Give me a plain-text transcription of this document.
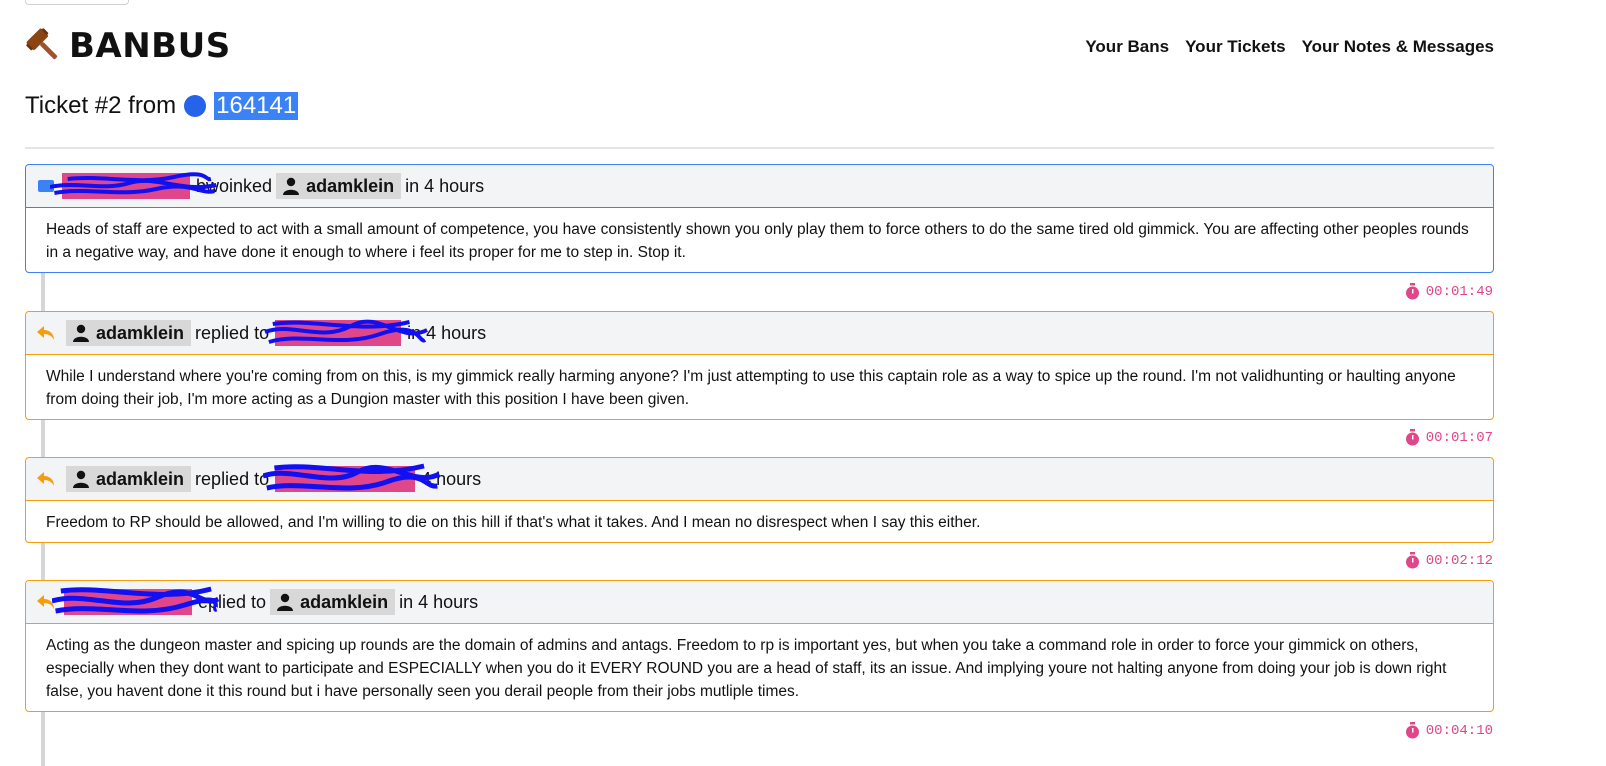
BANBUS	Your Bans Your Tickets Your Notes & Messages
Ticket #2 from 164141
bwoinked adamklein in 4 hours
Heads of staff are expected to act with a small amount of competence, you have consistently shown you only play them to force others to do the same tired old gimmick. You are affecting other peoples rounds in a negative way, and have done it enough to where i feel its proper for me to step in. Stop it.
00:01:49
adamklein replied to	in 4 hours
While I understand where you're coming from on this, is my gimmick really harming anyone? I'm just attempting to use this captain role as a way to spice up the round. I'm not validhunting or haulting anyone from doing their job, I'm more acting as a Dungion master with this position I have been given.
00:01:07
adamklein replied to	4 hours
Freedom to RP should be allowed, and I'm willing to die on this hill if that's what it takes. And I mean no disrespect when I say this either.
00:02:12
eplied to adamklein in 4 hours
Acting as the dungeon master and spicing up rounds are the domain of admins and antags. Freedom to rp is important yes, but when you take a command role in order to force your gimmick on others, especially when they dont want to participate and ESPECIALLY when you do it EVERY ROUND you are a head of staff, its an issue. And implying youre not halting anyone from doing your job is down right false, you havent done it this round but i have personally seen you derail people from their jobs mutliple times.
00:04:10
